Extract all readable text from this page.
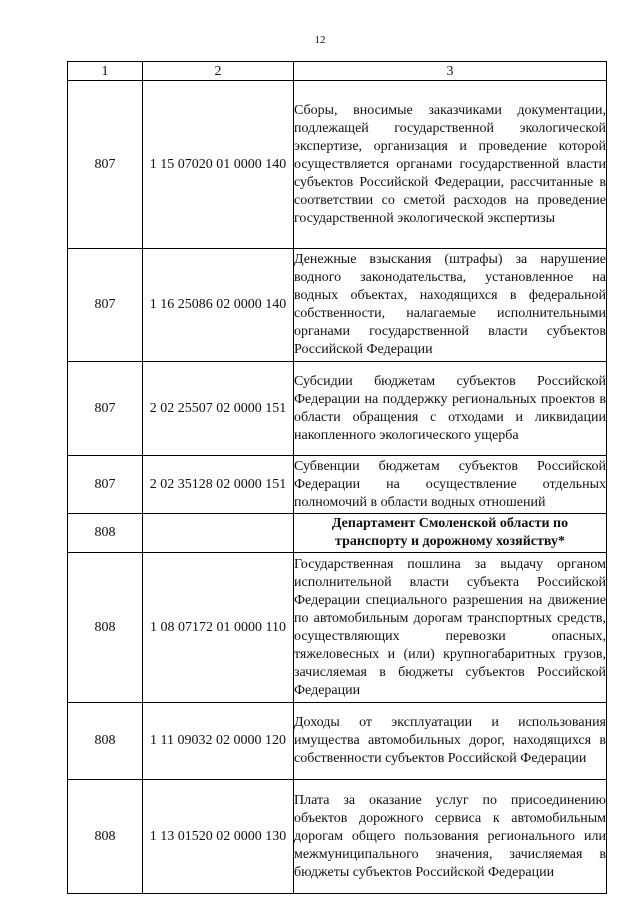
12
1	2	3
807	1 15 07020 01 0000 140	Сборы, вносимые заказчиками документации, подлежащей государственной экологической экспертизе, организация и проведение которой осуществляется органами государственной власти субъектов Российской Федерации, рассчитанные в соответствии со сметой расходов на проведение государственной экологической экспертизы
807	1 16 25086 02 0000 140	Денежные взыскания (штрафы) за нарушение водного законодательства, установленное на водных объектах, находящихся в федеральной собственности, налагаемые исполнительными органами государственной власти субъектов Российской Федерации
807	2 02 25507 02 0000 151	Субсидии бюджетам субъектов Российской Федерации на поддержку региональных проектов в области обращения с отходами и ликвидации накопленного экологического ущерба
807	2 02 35128 02 0000 151	Субвенции бюджетам субъектов Российской Федерации на осуществление отдельных полномочий в области водных отношений
808		Департамент Смоленской области по транспорту и дорожному хозяйству*
808	1 08 07172 01 0000 110	Государственная пошлина за выдачу органом исполнительной власти субъекта Российской Федерации специального разрешения на движение по автомобильным дорогам транспортных средств, осуществляющих перевозки опасных, тяжеловесных и (или) крупногабаритных грузов, зачисляемая в бюджеты субъектов Российской Федерации
808	1 11 09032 02 0000 120	Доходы от эксплуатации и использования имущества автомобильных дорог, находящихся в собственности субъектов Российской Федерации
808	1 13 01520 02 0000 130	Плата за оказание услуг по присоединению объектов дорожного сервиса к автомобильным дорогам общего пользования регионального или межмуниципального значения, зачисляемая в бюджеты субъектов Российской Федерации
